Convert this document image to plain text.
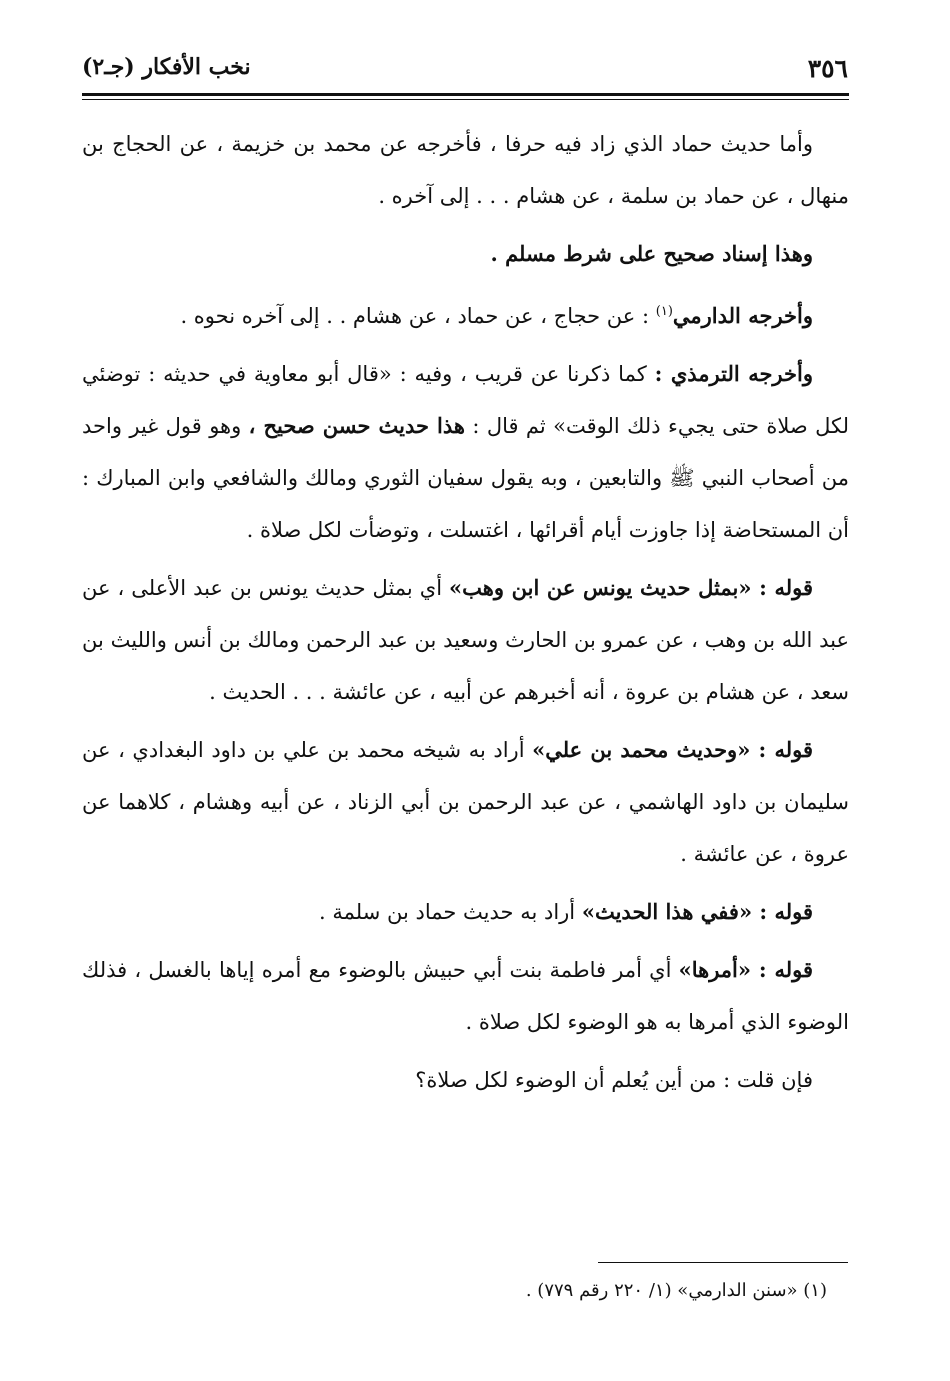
٣٥٦
نخب الأفكار (جـ٢)

وأما حديث حماد الذي زاد فيه حرفا ، فأخرجه عن محمد بن خزيمة ، عن الحجاج بن منهال ، عن حماد بن سلمة ، عن هشام . . . إلى آخره .

وهذا إسناد صحيح على شرط مسلم .

وأخرجه الدارمي$^{(١)}$ : عن حجاج ، عن حماد ، عن هشام . . إلى آخره نحوه .

وأخرجه الترمذي : كما ذكرنا عن قريب ، وفيه : «قال أبو معاوية في حديثه : توضئي لكل صلاة حتى يجيء ذلك الوقت» ثم قال : هذا حديث حسن صحيح ، وهو قول غير واحد من أصحاب النبي ﷺ والتابعين ، وبه يقول سفيان الثوري ومالك والشافعي وابن المبارك : أن المستحاضة إذا جاوزت أيام أقرائها ، اغتسلت ، وتوضأت لكل صلاة .

قوله : «بمثل حديث يونس عن ابن وهب» أي بمثل حديث يونس بن عبد الأعلى ، عن عبد الله بن وهب ، عن عمرو بن الحارث وسعيد بن عبد الرحمن ومالك بن أنس والليث بن سعد ، عن هشام بن عروة ، أنه أخبرهم عن أبيه ، عن عائشة . . . الحديث .

قوله : «وحديث محمد بن علي» أراد به شيخه محمد بن علي بن داود البغدادي ، عن سليمان بن داود الهاشمي ، عن عبد الرحمن بن أبي الزناد ، عن أبيه وهشام ، كلاهما عن عروة ، عن عائشة .

قوله : «ففي هذا الحديث» أراد به حديث حماد بن سلمة .

قوله : «أمرها» أي أمر فاطمة بنت أبي حبيش بالوضوء مع أمره إياها بالغسل ، فذلك الوضوء الذي أمرها به هو الوضوء لكل صلاة .

فإن قلت : من أين يُعلم أن الوضوء لكل صلاة؟

(١) «سنن الدارمي» (١/ ٢٢٠ رقم ٧٧٩) .
